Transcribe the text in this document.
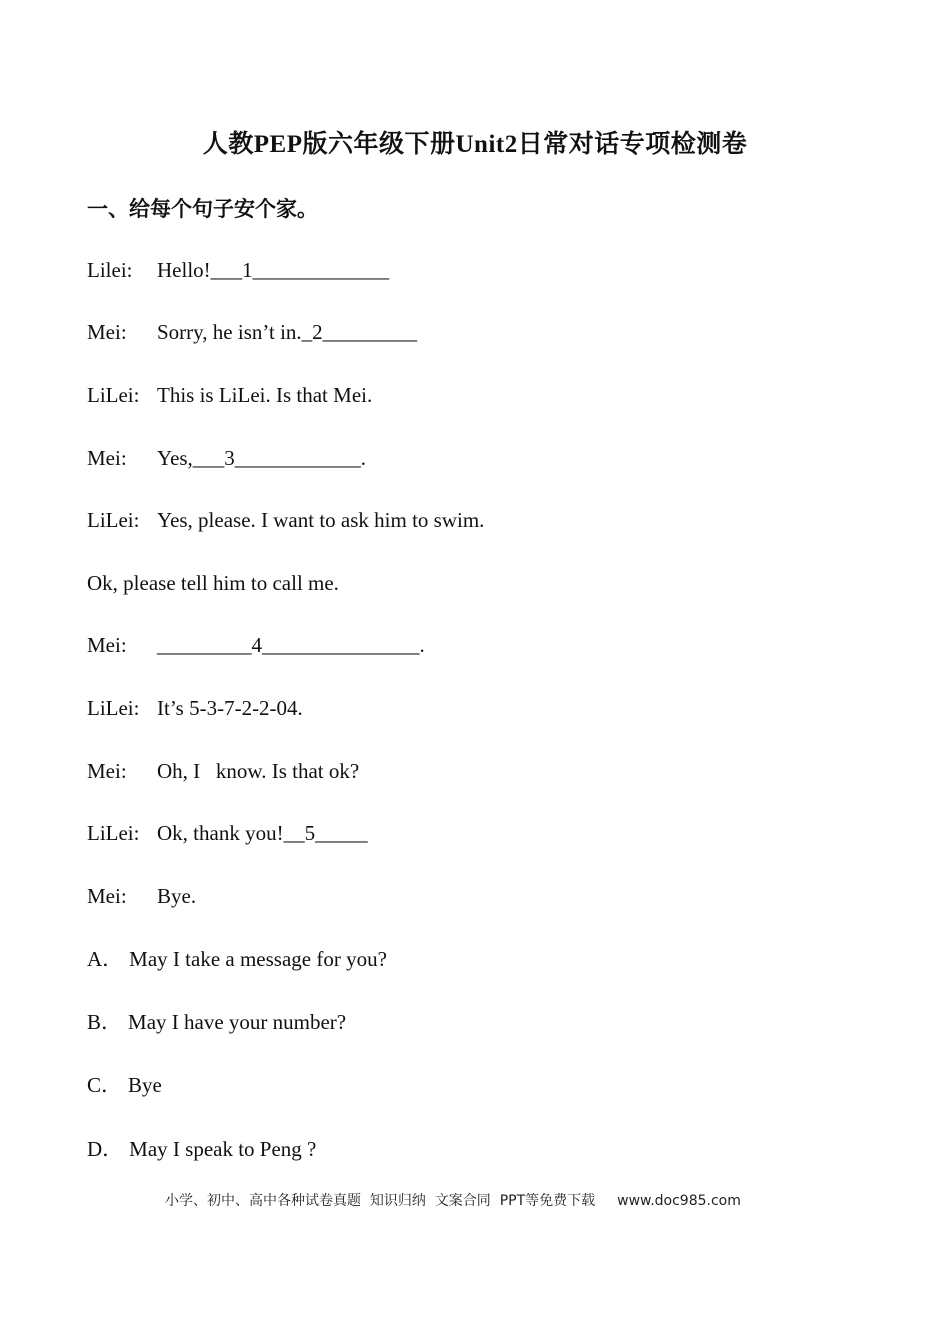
人教PEP版六年级下册Unit2日常对话专项检测卷
一、给每个句子安个家。
Lilei: Hello!___1_____________
Mei: Sorry, he isn’t in._2_________
LiLei: This is LiLei. Is that Mei.
Mei: Yes,___3____________.
LiLei: Yes, please. I want to ask him to swim.
Ok, please tell him to call me.
Mei: _________4_______________.
LiLei: It’s 5-3-7-2-2-04.
Mei: Oh, I   know. Is that ok?
LiLei: Ok, thank you!__5_____
Mei: Bye.
A． May I take a message for you?
B． May I have your number?
C． Bye
D． May I speak to Peng ?
小学、初中、高中各种试卷真题  知识归纳  文案合同  PPT等免费下载 www.doc985.com
